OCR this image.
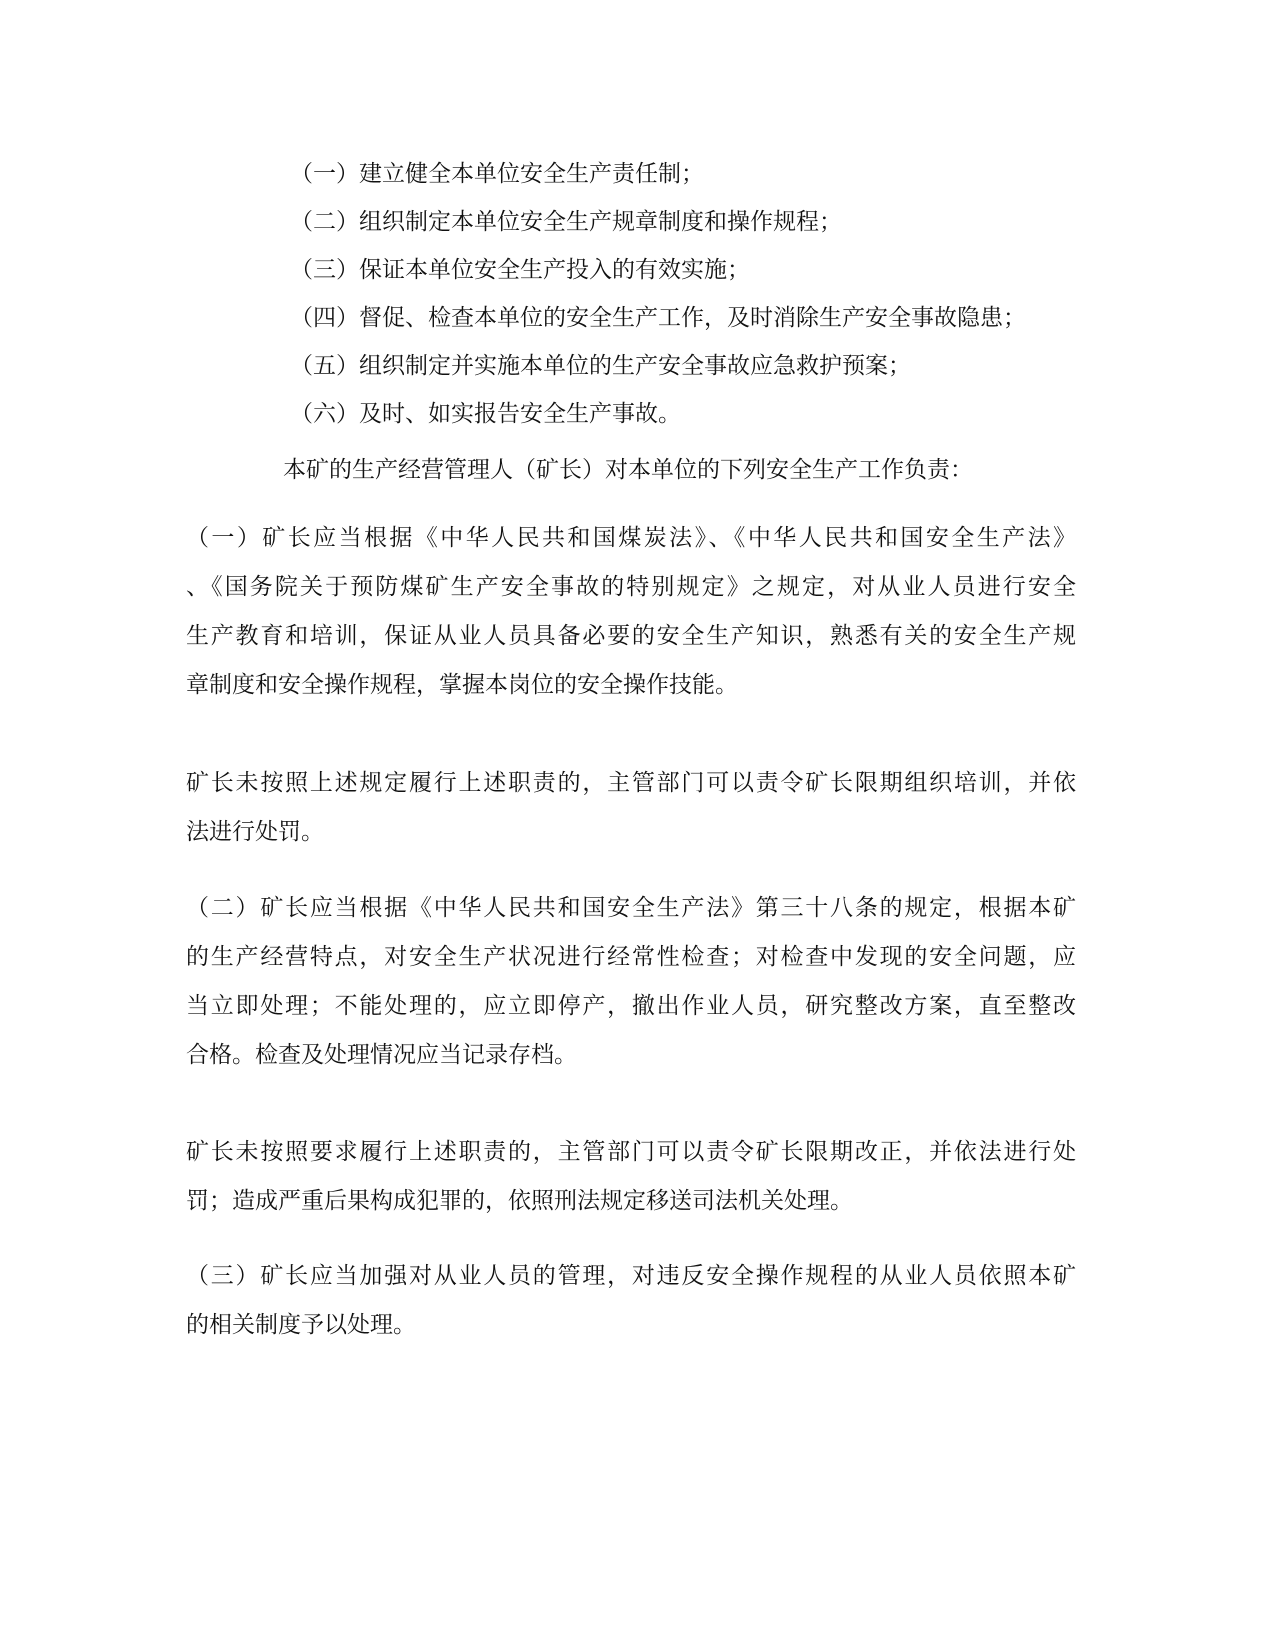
（一）建立健全本单位安全生产责任制；
（二）组织制定本单位安全生产规章制度和操作规程；
（三）保证本单位安全生产投入的有效实施；
（四）督促、检查本单位的安全生产工作，及时消除生产安全事故隐患；
（五）组织制定并实施本单位的生产安全事故应急救护预案；
（六）及时、如实报告安全生产事故。
本矿的生产经营管理人（矿长）对本单位的下列安全生产工作负责：
（一）矿长应当根据《中华人民共和国煤炭法》、《中华人民共和国安全生产法》
、《国务院关于预防煤矿生产安全事故的特别规定》之规定，对从业人员进行安全
生产教育和培训，保证从业人员具备必要的安全生产知识，熟悉有关的安全生产规
章制度和安全操作规程，掌握本岗位的安全操作技能。
矿长未按照上述规定履行上述职责的，主管部门可以责令矿长限期组织培训，并依
法进行处罚。
（二）矿长应当根据《中华人民共和国安全生产法》第三十八条的规定，根据本矿
的生产经营特点，对安全生产状况进行经常性检查；对检查中发现的安全问题，应
当立即处理；不能处理的，应立即停产，撤出作业人员，研究整改方案，直至整改
合格。检查及处理情况应当记录存档。
矿长未按照要求履行上述职责的，主管部门可以责令矿长限期改正，并依法进行处
罚；造成严重后果构成犯罪的，依照刑法规定移送司法机关处理。
（三）矿长应当加强对从业人员的管理，对违反安全操作规程的从业人员依照本矿
的相关制度予以处理。
